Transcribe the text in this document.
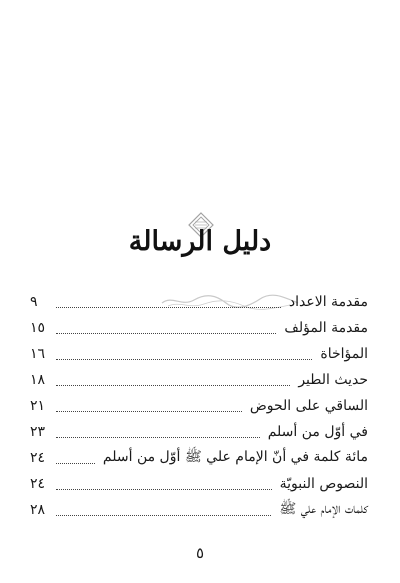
دليل الرسالة
مقدمة الاعداد
٩
مقدمة المؤلف
١٥
المؤاخاة
١٦
حديث الطير
١٨
الساقي على الحوض
٢١
في أوّل من أسلم
٢٣
مائة كلمة في أنّ الإمام علي ﷺ أوّل من أسلم
٢٤
النصوص النبويّة
٢٤
كلمات الإمام علي ﷺ
٢٨
٥
